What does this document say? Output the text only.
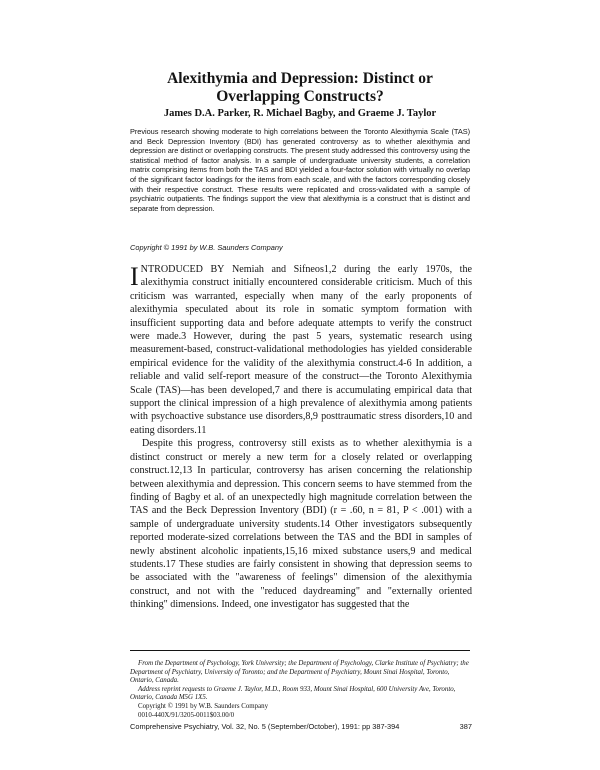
Alexithymia and Depression: Distinct or
Overlapping Constructs?
James D.A. Parker, R. Michael Bagby, and Graeme J. Taylor
Previous research showing moderate to high correlations between the Toronto Alexithymia Scale (TAS) and Beck Depression Inventory (BDI) has generated controversy as to whether alexithymia and depression are distinct or overlapping constructs. The present study addressed this controversy using the statistical method of factor analysis. In a sample of undergraduate university students, a correlation matrix comprising items from both the TAS and BDI yielded a four-factor solution with virtually no overlap of the significant factor loadings for the items from each scale, and with the factors corresponding closely with their respective construct. These results were replicated and cross-validated with a sample of psychiatric outpatients. The findings support the view that alexithymia is a construct that is distinct and separate from depression.
Copyright © 1991 by W.B. Saunders Company

INTRODUCED BY Nemiah and Sifneos1,2 during the early 1970s, the alexithymia construct initially encountered considerable criticism. Much of this criticism was warranted, especially when many of the early proponents of alexithymia speculated about its role in somatic symptom formation with insufficient supporting data and before adequate attempts to verify the construct were made.3 However, during the past 5 years, systematic research using measurement-based, construct-validational methodologies has yielded considerable empirical evidence for the validity of the alexithymia construct.4-6 In addition, a reliable and valid self-report measure of the construct—the Toronto Alexithymia Scale (TAS)—has been developed,7 and there is accumulating empirical data that support the clinical impression of a high prevalence of alexithymia among patients with psychoactive substance use disorders,8,9 posttraumatic stress disorders,10 and eating disorders.11

Despite this progress, controversy still exists as to whether alexithymia is a distinct construct or merely a new term for a closely related or overlapping construct.12,13 In particular, controversy has arisen concerning the relationship between alexithymia and depression. This concern seems to have stemmed from the finding of Bagby et al. of an unexpectedly high magnitude correlation between the TAS and the Beck Depression Inventory (BDI) (r = .60, n = 81, P < .001) with a sample of undergraduate university students.14 Other investigators subsequently reported moderate-sized correlations between the TAS and the BDI in samples of newly abstinent alcoholic inpatients,15,16 mixed substance users,9 and medical students.17 These studies are fairly consistent in showing that depression seems to be associated with the "awareness of feelings" dimension of the alexithymia construct, and not with the "reduced daydreaming" and "externally oriented thinking" dimensions. Indeed, one investigator has suggested that the

From the Department of Psychology, York University; the Department of Psychology, Clarke Institute of Psychiatry; the Department of Psychiatry, University of Toronto; and the Department of Psychiatry, Mount Sinai Hospital, Toronto, Ontario, Canada.

Address reprint requests to Graeme J. Taylor, M.D., Room 933, Mount Sinai Hospital, 600 University Ave, Toronto, Ontario, Canada M5G 1X5.

Copyright © 1991 by W.B. Saunders Company

0010-440X/91/3205-0011$03.00/0

Comprehensive Psychiatry, Vol. 32, No. 5 (September/October), 1991: pp 387-394	387
